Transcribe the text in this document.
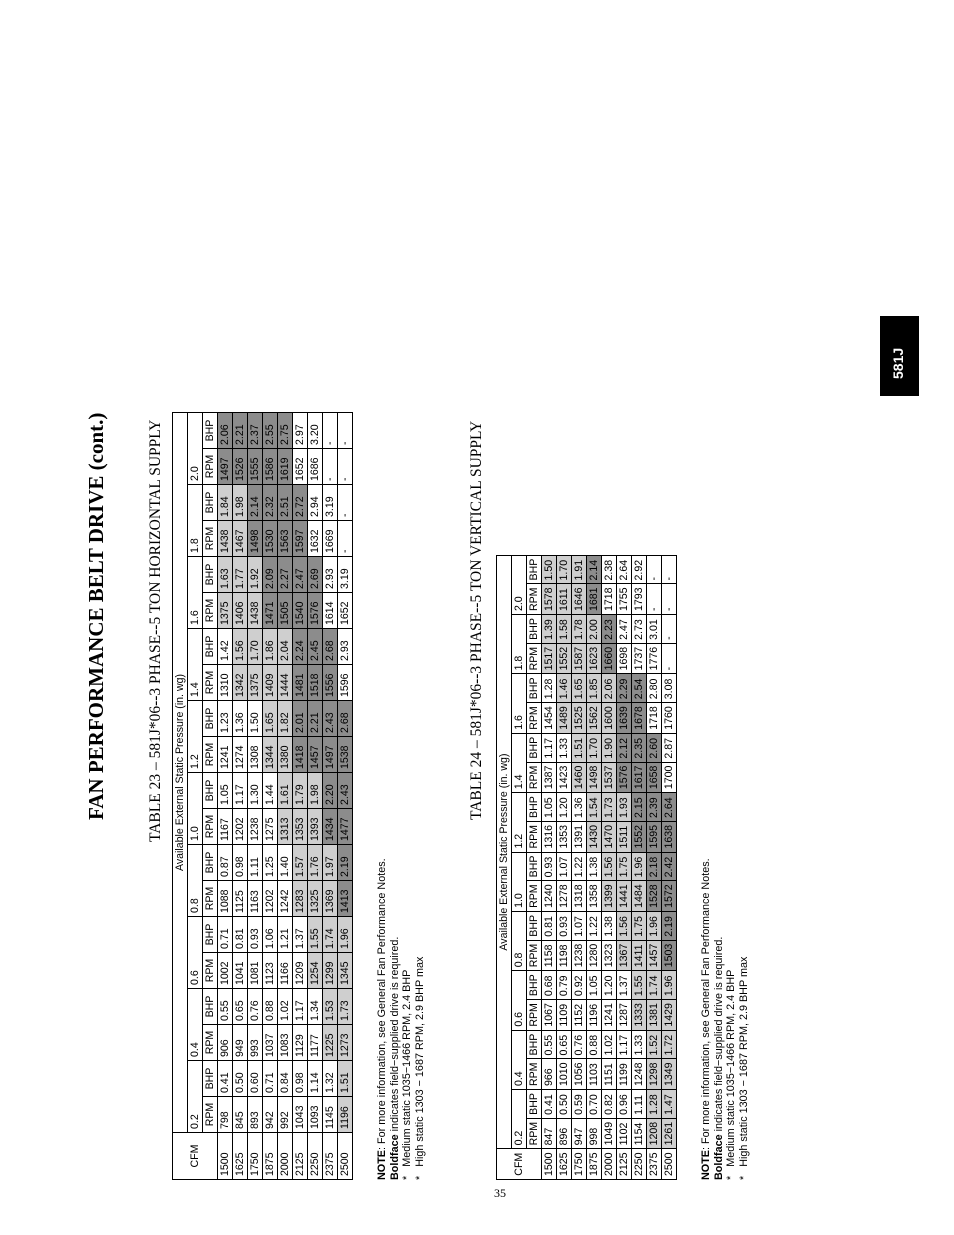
FAN PERFORMANCE BELT DRIVE (cont.)	TABLE 23 – 581J*06--3 PHASE--5 TON HORIZONTAL SUPPLY
CFM	Available External Static Pressure (in. wg)																			
	0.2		0.4		0.6		0.8		1.0		1.2		1.4		1.6		1.8		2.0	
	RPM	BHP	RPM	BHP	RPM	BHP	RPM	BHP	RPM	BHP	RPM	BHP	RPM	BHP	RPM	BHP	RPM	BHP	RPM	BHP
1500	798	0.41	906	0.55	1002	0.71	1088	0.87	1167	1.05	1241	1.23	1310	1.42	1375	1.63	1438	1.84	1497	2.06
1625	845	0.50	949	0.65	1041	0.81	1125	0.98	1202	1.17	1274	1.36	1342	1.56	1406	1.77	1467	1.98	1526	2.21
1750	893	0.60	993	0.76	1081	0.93	1163	1.11	1238	1.30	1308	1.50	1375	1.70	1438	1.92	1498	2.14	1555	2.37
1875	942	0.71	1037	0.88	1123	1.06	1202	1.25	1275	1.44	1344	1.65	1409	1.86	1471	2.09	1530	2.32	1586	2.55
2000	992	0.84	1083	1.02	1166	1.21	1242	1.40	1313	1.61	1380	1.82	1444	2.04	1505	2.27	1563	2.51	1619	2.75
2125	1043	0.98	1129	1.17	1209	1.37	1283	1.57	1353	1.79	1418	2.01	1481	2.24	1540	2.47	1597	2.72	1652	2.97
2250	1093	1.14	1177	1.34	1254	1.55	1325	1.76	1393	1.98	1457	2.21	1518	2.45	1576	2.69	1632	2.94	1686	3.20
2375	1145	1.32	1225	1.53	1299	1.74	1369	1.97	1434	2.20	1497	2.43	1556	2.68	1614	2.93	1669	3.19	-	-
2500	1196	1.51	1273	1.73	1345	1.96	1413	2.19	1477	2.43	1538	2.68	1596	2.93	1652	3.19	-	-	-	-
NOTE: For more information, see General Fan Performance Notes.
Boldface indicates field−supplied drive is required.
*   Medium static 1035−1466 RPM, 2.4 BHP
*   High static 1303 − 1687 RPM, 2.9 BHP max
TABLE 24 – 581J*06--3 PHASE--5 TON VERTICAL SUPPLY
CFM	Available External Static Pressure (in. wg)																			
	0.2		0.4		0.6		0.8		1.0		1.2		1.4		1.6		1.8		2.0	
	RPM	BHP	RPM	BHP	RPM	BHP	RPM	BHP	RPM	BHP	RPM	BHP	RPM	BHP	RPM	BHP	RPM	BHP	RPM	BHP
1500	847	0.41	966	0.55	1067	0.68	1158	0.81	1240	0.93	1316	1.05	1387	1.17	1454	1.28	1517	1.39	1578	1.50
1625	896	0.50	1010	0.65	1109	0.79	1198	0.93	1278	1.07	1353	1.20	1423	1.33	1489	1.46	1552	1.58	1611	1.70
1750	947	0.59	1056	0.76	1152	0.92	1238	1.07	1318	1.22	1391	1.36	1460	1.51	1525	1.65	1587	1.78	1646	1.91
1875	998	0.70	1103	0.88	1196	1.05	1280	1.22	1358	1.38	1430	1.54	1498	1.70	1562	1.85	1623	2.00	1681	2.14
2000	1049	0.82	1151	1.02	1241	1.20	1323	1.38	1399	1.56	1470	1.73	1537	1.90	1600	2.06	1660	2.23	1718	2.38
2125	1102	0.96	1199	1.17	1287	1.37	1367	1.56	1441	1.75	1511	1.93	1576	2.12	1639	2.29	1698	2.47	1755	2.64
2250	1154	1.11	1248	1.33	1333	1.55	1411	1.75	1484	1.96	1552	2.15	1617	2.35	1678	2.54	1737	2.73	1793	2.92
2375	1208	1.28	1298	1.52	1381	1.74	1457	1.96	1528	2.18	1595	2.39	1658	2.60	1718	2.80	1776	3.01	-	-
2500	1261	1.47	1349	1.72	1429	1.96	1503	2.19	1572	2.42	1638	2.64	1700	2.87	1760	3.08	-	-	-	-
NOTE: For more information, see General Fan Performance Notes.
Boldface indicates field−supplied drive is required.
*   Medium static 1035−1466 RPM, 2.4 BHP
*   High static 1303 − 1687 RPM, 2.9 BHP max
35
581J
